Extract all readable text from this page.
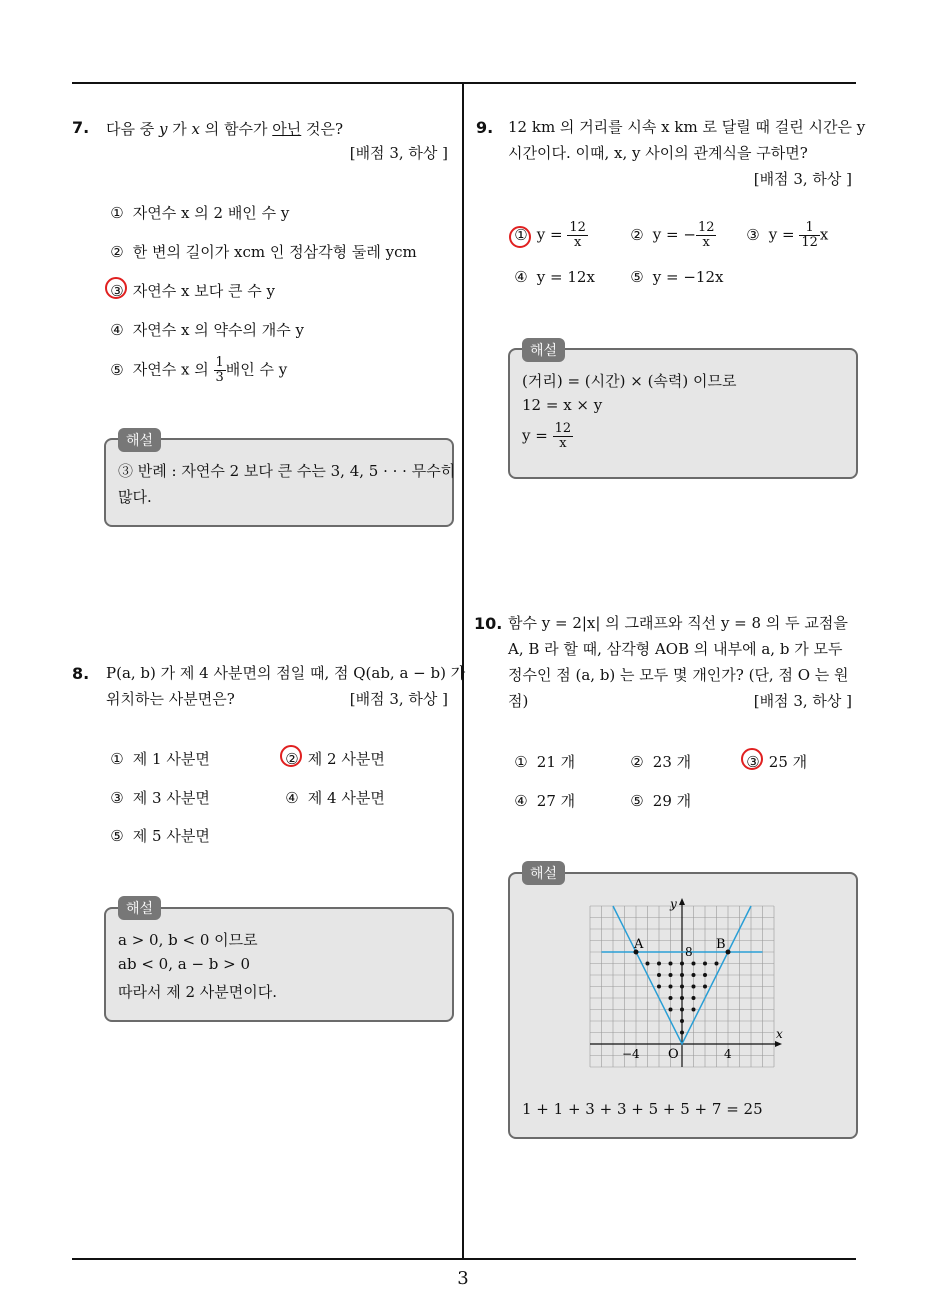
3
7. 다음 중 y 가 x 의 함수가 아닌 것은?
[배점 3, 하상 ]
① 자연수 x 의 2 배인 수 y
② 한 변의 길이가 xcm 인 정삼각형 둘레 ycm
③ 자연수 x 보다 큰 수 y
④ 자연수 x 의 약수의 개수 y
⑤ 자연수 x 의 $\frac{1}{3}$ 배인 수 y
③ 반례 : 자연수 2 보다 큰 수는 3, 4, 5 · · · 무수히
많다.
해설
8. P(a, b) 가 제 4 사분면의 점일 때, 점 Q(ab, a − b) 가
위치하는 사분면은?	[배점 3, 하상 ]
① 제 1 사분면	② 제 2 사분면
③ 제 3 사분면	④ 제 4 사분면
⑤ 제 5 사분면
a > 0, b < 0 이므로
ab < 0, a − b > 0
따라서 제 2 사분면이다.
해설
9. 12 km 의 거리를 시속 x km 로 달릴 때 걸린 시간은 y
시간이다. 이때, x, y 사이의 관계식을 구하면?
[배점 3, 하상 ]
① $y = \frac{12}{x}$	② y = − $\frac{12}{x}$ ③ $y = \frac{1}{12}$ x
④ y = 12x ⑤ y = −12x
(거리) = (시간) × (속력) 이므로
12 = x × y
$y = \frac{12}{x}$
해설
10. 함수 y = 2|x| 의 그래프와 직선 y = 8 의 두 교점을
A, B 라 할 때, 삼각형 AOB 의 내부에 a, b 가 모두
정수인 점 (a, b) 는 모두 몇 개인가? (단, 점 O 는 원
점)	[배점 3, 하상 ]
① 21 개	② 23 개	③ 25 개
④ 27 개	⑤ 29 개
A	B
O
8
−4	4
x
y
1 + 1 + 3 + 3 + 5 + 5 + 7 = 25
해설
